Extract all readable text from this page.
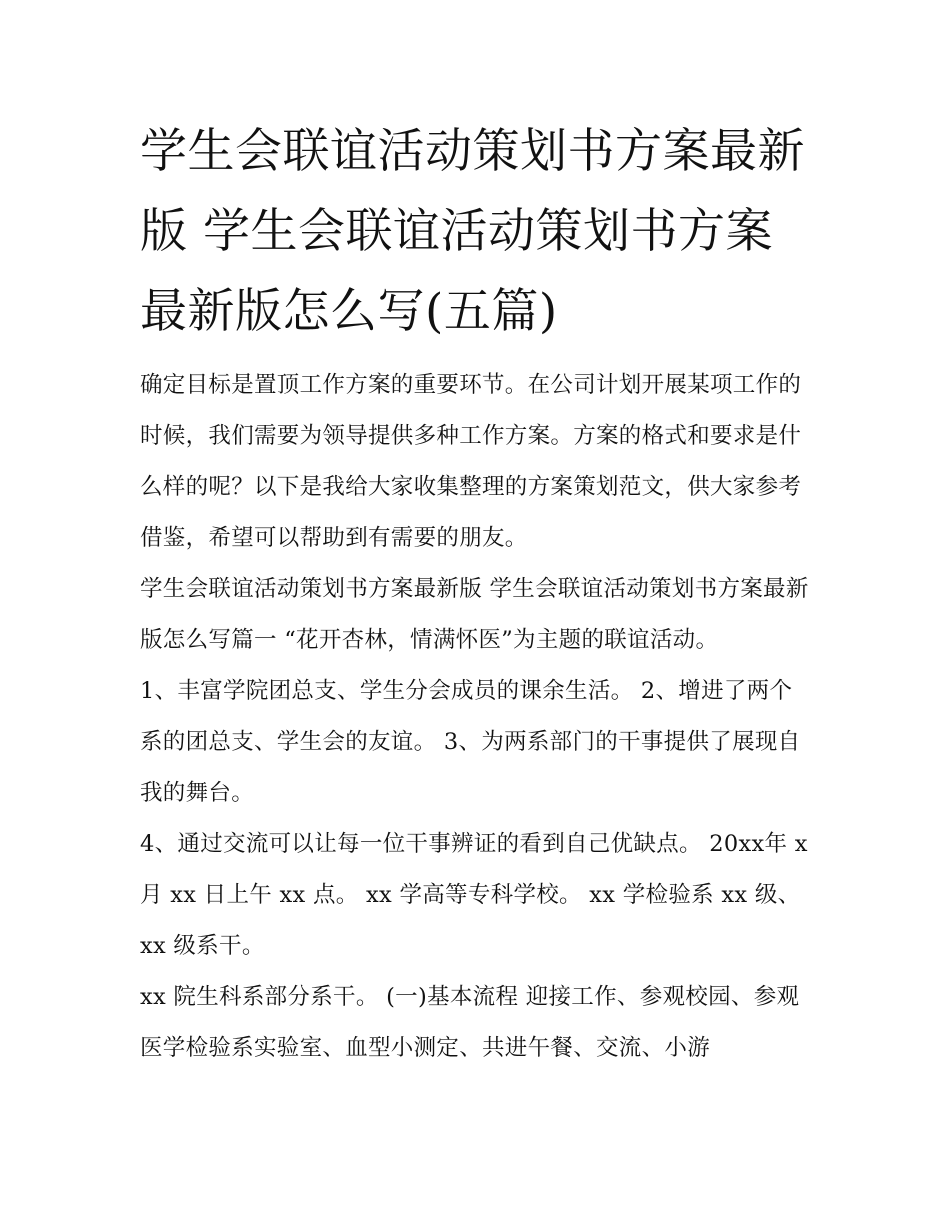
学生会联谊活动策划书方案最新版 学生会联谊活动策划书方案最新版怎么写(五篇)

确定目标是置顶工作方案的重要环节。在公司计划开展某项工作的时候，我们需要为领导提供多种工作方案。方案的格式和要求是什么样的呢？以下是我给大家收集整理的方案策划范文，供大家参考借鉴，希望可以帮助到有需要的朋友。

学生会联谊活动策划书方案最新版 学生会联谊活动策划书方案最新版怎么写篇一 “花开杏林，情满怀医”为主题的联谊活动。

1、丰富学院团总支、学生分会成员的课余生活。 2、增进了两个系的团总支、学生会的友谊。 3、为两系部门的干事提供了展现自我的舞台。

4、通过交流可以让每一位干事辨证的看到自己优缺点。 20xx年 x 月 xx 日上午 xx 点。 xx 学高等专科学校。 xx 学检验系 xx 级、xx 级系干。

xx 院生科系部分系干。 (一)基本流程 迎接工作、参观校园、参观医学检验系实验室、血型小测定、共进午餐、交流、小游
